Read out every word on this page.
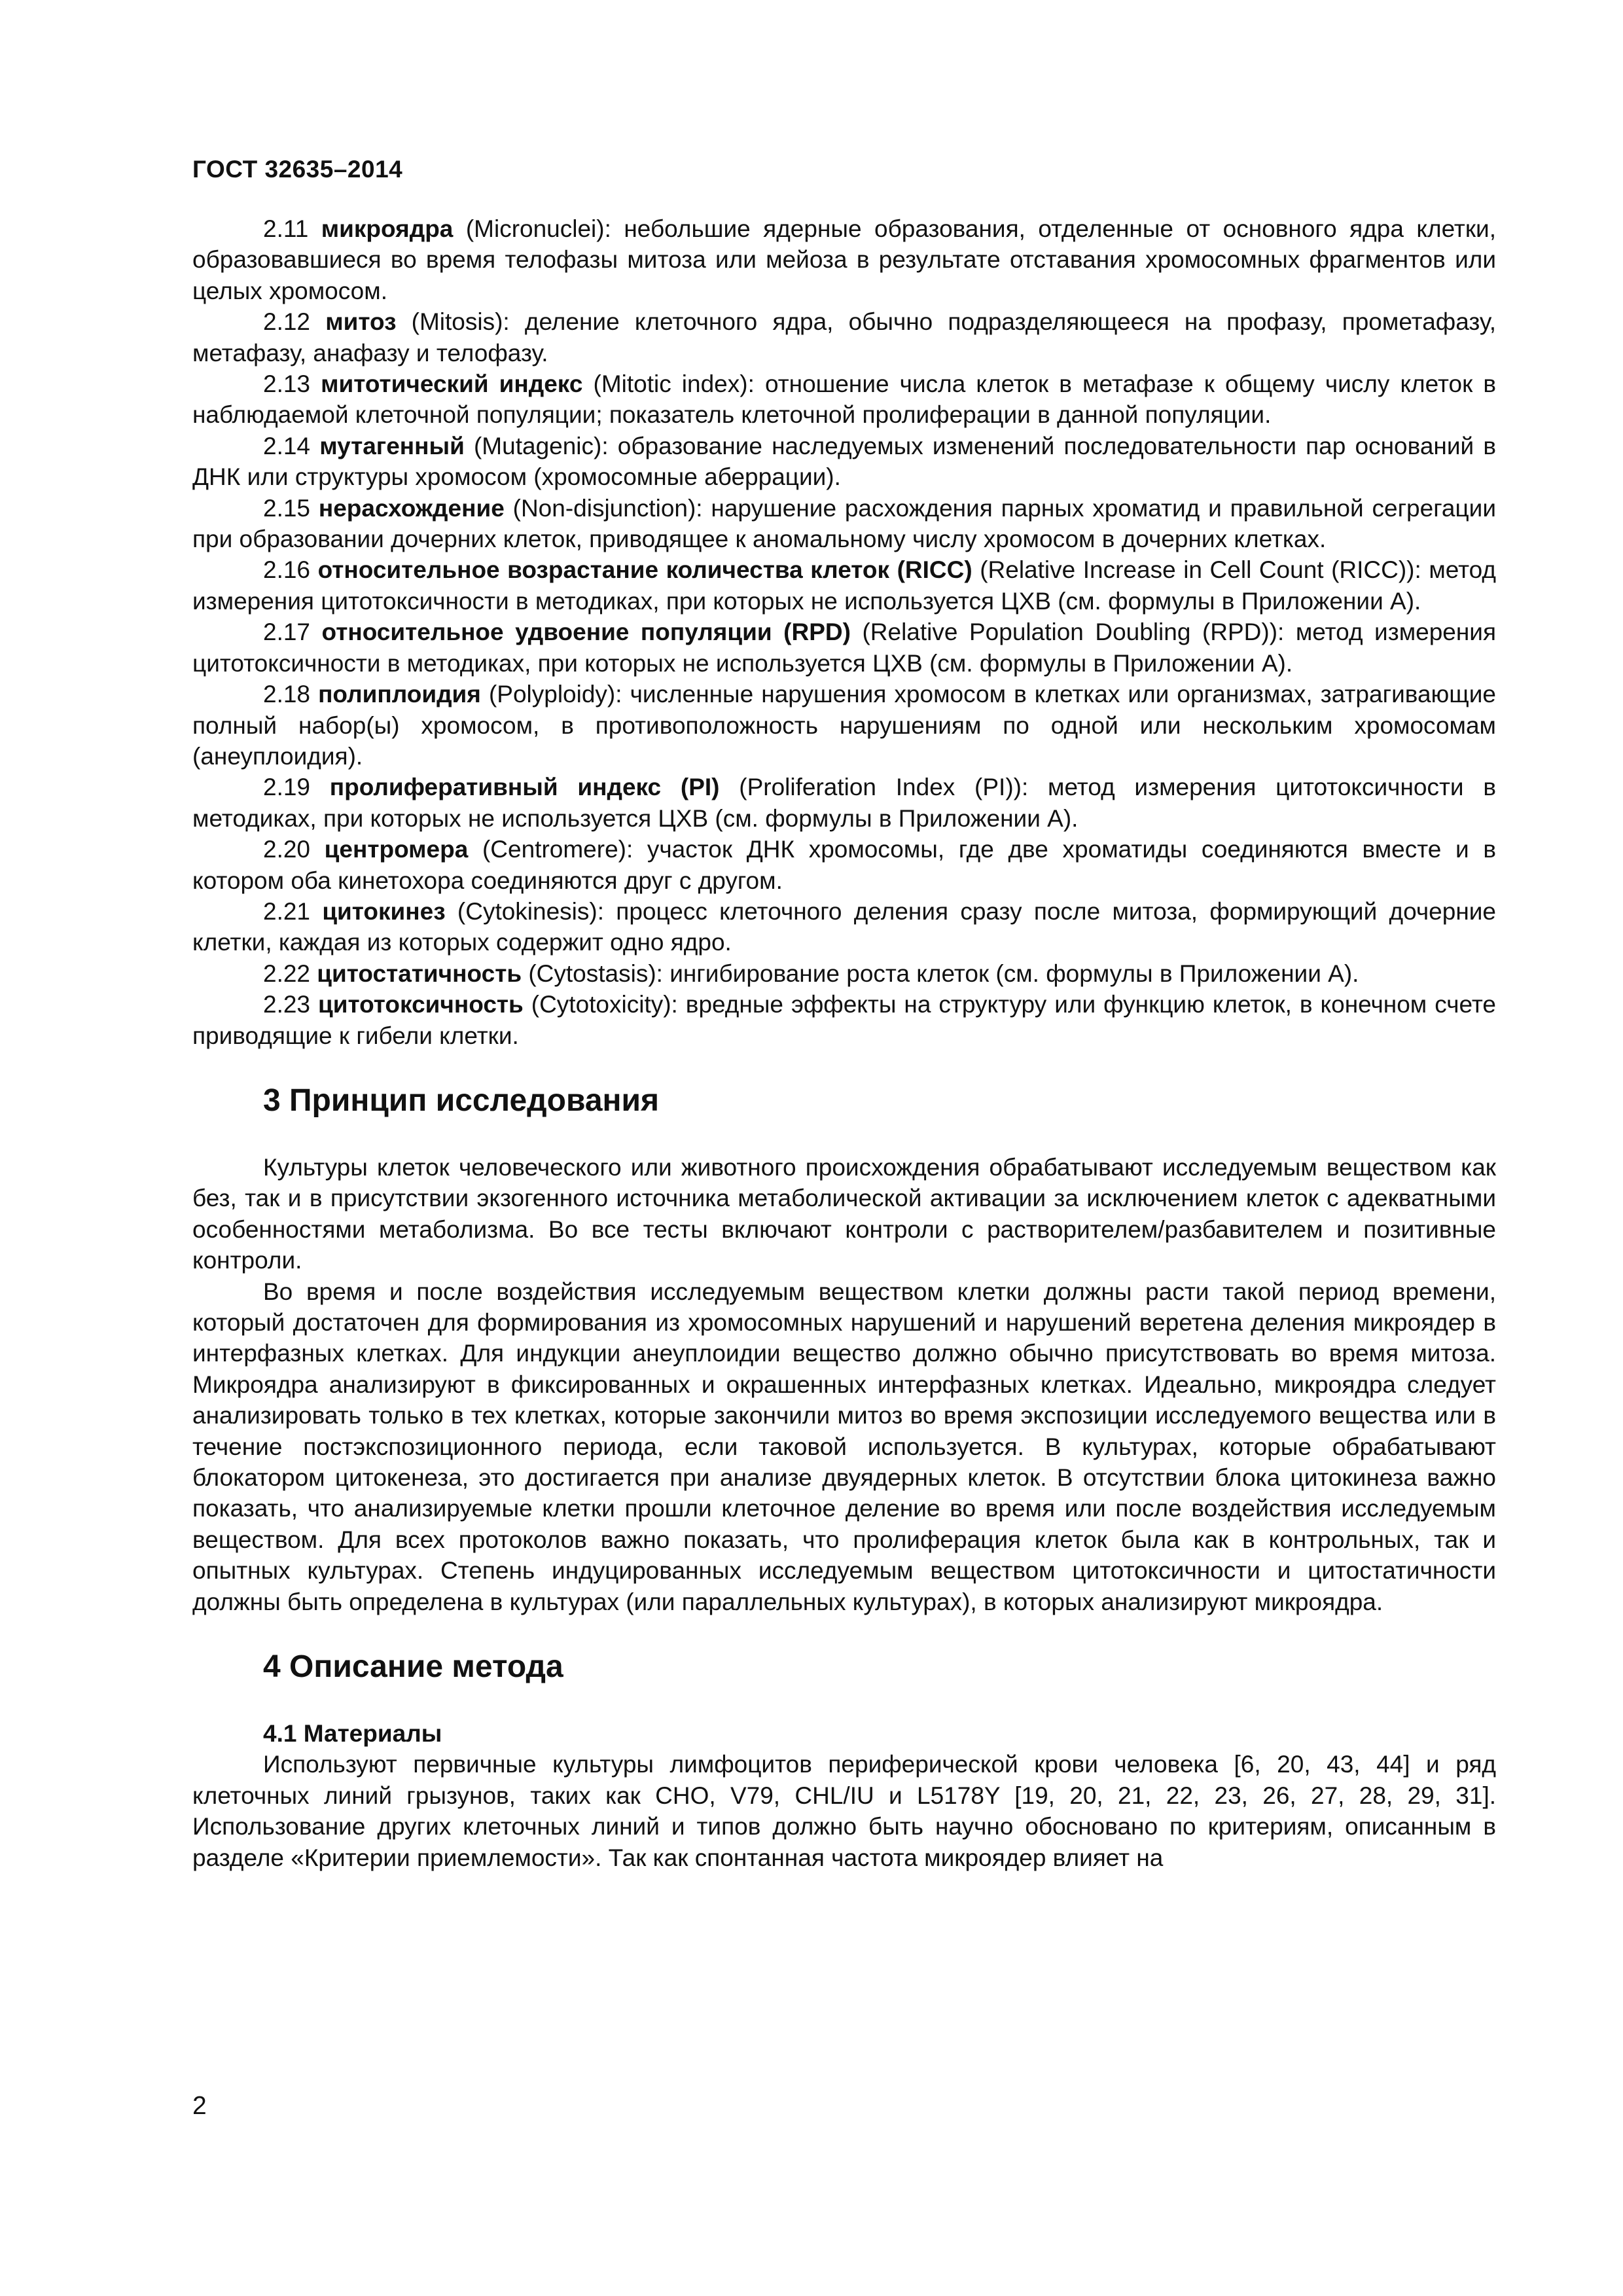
ГОСТ 32635–2014

2.11 микроядра (Micronuclei): небольшие ядерные образования, отделенные от основного ядра клетки, образовавшиеся во время телофазы митоза или мейоза в результате отставания хромосомных фрагментов или целых хромосом.

2.12 митоз (Mitosis): деление клеточного ядра, обычно подразделяющееся на профазу, прометафазу, метафазу, анафазу и телофазу.

2.13 митотический индекс (Mitotic index): отношение числа клеток в метафазе к общему числу клеток в наблюдаемой клеточной популяции; показатель клеточной пролиферации в данной популяции.

2.14 мутагенный (Mutagenic): образование наследуемых изменений последовательности пар оснований в ДНК или структуры хромосом (хромосомные аберрации).

2.15 нерасхождение (Non-disjunction): нарушение расхождения парных хроматид и правильной сегрегации при образовании дочерних клеток, приводящее к аномальному числу хромосом в дочерних клетках.

2.16 относительное возрастание количества клеток (RICC) (Relative Increase in Cell Count (RICC)): метод измерения цитотоксичности в методиках, при которых не используется ЦХВ (см. формулы в Приложении А).

2.17 относительное удвоение популяции (RPD) (Relative Population Doubling (RPD)): метод измерения цитотоксичности в методиках, при которых не используется ЦХВ (см. формулы в Приложении А).

2.18 полиплоидия (Polyploidy): численные нарушения хромосом в клетках или организмах, затрагивающие полный набор(ы) хромосом, в противоположность нарушениям по одной или нескольким хромосомам (анеуплоидия).

2.19 пролиферативный индекс (PI) (Proliferation Index (PI)): метод измерения цитотоксичности в методиках, при которых не используется ЦХВ (см. формулы в Приложении А).

2.20 центромера (Centromere): участок ДНК хромосомы, где две хроматиды соединяются вместе и в котором оба кинетохора соединяются друг с другом.

2.21 цитокинез (Cytokinesis): процесс клеточного деления сразу после митоза, формирующий дочерние клетки, каждая из которых содержит одно ядро.

2.22 цитостатичность (Cytostasis): ингибирование роста клеток (см. формулы в Приложении А).

2.23 цитотоксичность (Cytotoxicity): вредные эффекты на структуру или функцию клеток, в конечном счете приводящие к гибели клетки.

3 Принцип исследования

Культуры клеток человеческого или животного происхождения обрабатывают исследуемым веществом как без, так и в присутствии экзогенного источника метаболической активации за исключением клеток с адекватными особенностями метаболизма. Во все тесты включают контроли с растворителем/разбавителем и позитивные контроли.

Во время и после воздействия исследуемым веществом клетки должны расти такой период времени, который достаточен для формирования из хромосомных нарушений и нарушений веретена деления микроядер в интерфазных клетках. Для индукции анеуплоидии вещество должно обычно присутствовать во время митоза. Микроядра анализируют в фиксированных и окрашенных интерфазных клетках. Идеально, микроядра следует анализировать только в тех клетках, которые закончили митоз во время экспозиции исследуемого вещества или в течение постэкспозиционного периода, если таковой используется. В культурах, которые обрабатывают блокатором цитокенеза, это достигается при анализе двуядерных клеток. В отсутствии блока цитокинеза важно показать, что анализируемые клетки прошли клеточное деление во время или после воздействия исследуемым веществом. Для всех протоколов важно показать, что пролиферация клеток была как в контрольных, так и опытных культурах. Степень индуцированных исследуемым веществом цитотоксичности и цитостатичности должны быть определена в культурах (или параллельных культурах), в которых анализируют микроядра.

4 Описание метода
4.1 Материалы

Используют первичные культуры лимфоцитов периферической крови человека [6, 20, 43, 44] и ряд клеточных линий грызунов, таких как CHO, V79, CHL/IU и L5178Y [19, 20, 21, 22, 23, 26, 27, 28, 29, 31]. Использование других клеточных линий и типов должно быть научно обосновано по критериям, описанным в разделе «Критерии приемлемости». Так как спонтанная частота микроядер влияет на

2
